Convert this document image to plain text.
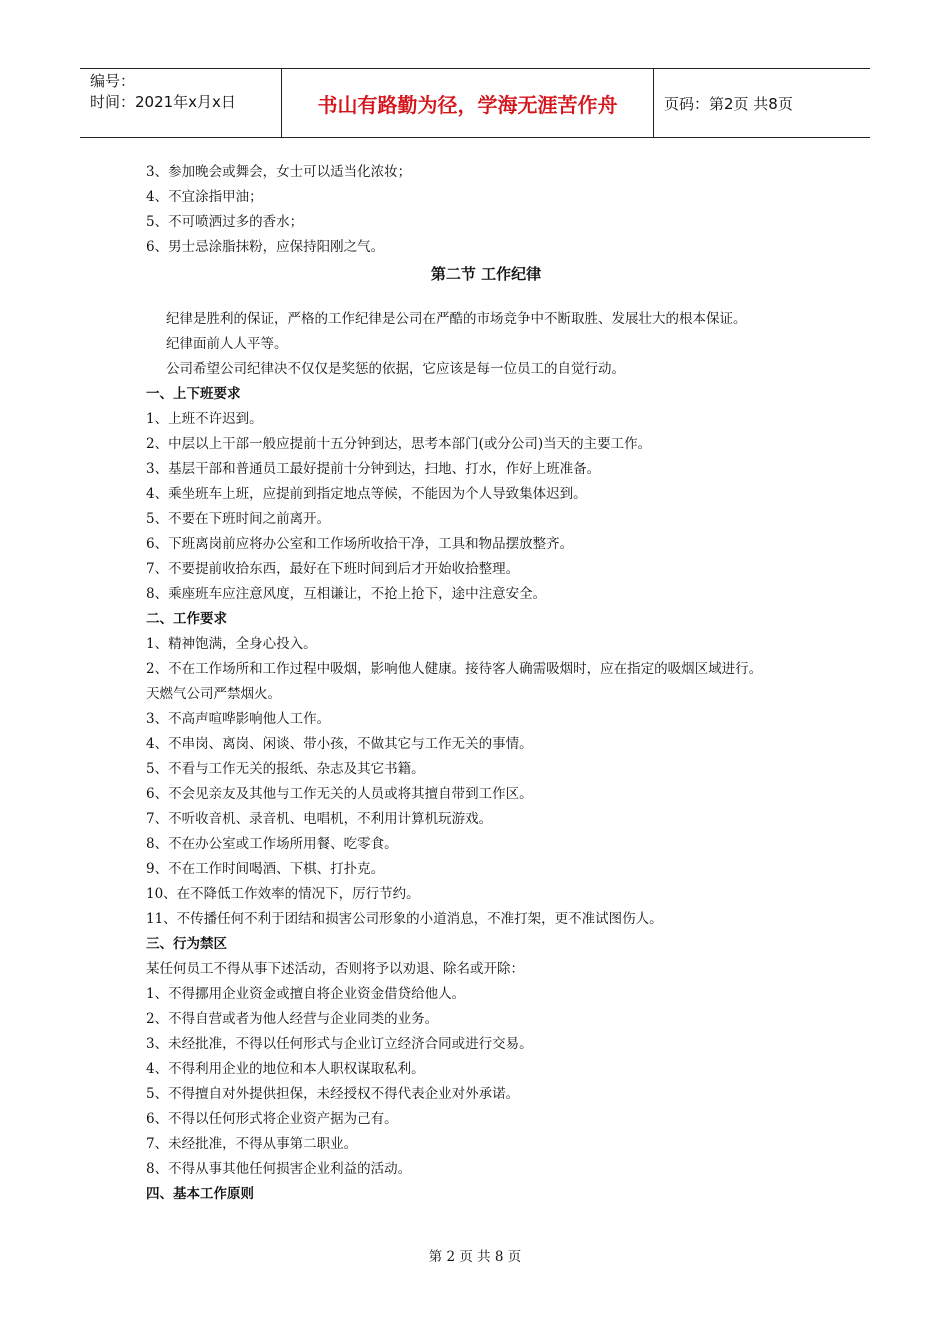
编号：
时间：2021年x月x日	书山有路勤为径，学海无涯苦作舟	页码：第2页 共8页
3、参加晚会或舞会，女士可以适当化浓妆；
4、不宜涂指甲油；
5、不可喷洒过多的香水；
6、男士忌涂脂抹粉，应保持阳刚之气。
第二节 工作纪律
纪律是胜利的保证，严格的工作纪律是公司在严酷的市场竞争中不断取胜、发展壮大的根本保证。
纪律面前人人平等。
公司希望公司纪律决不仅仅是奖惩的依据，它应该是每一位员工的自觉行动。
一、上下班要求
1、上班不许迟到。
2、中层以上干部一般应提前十五分钟到达，思考本部门(或分公司)当天的主要工作。
3、基层干部和普通员工最好提前十分钟到达，扫地、打水，作好上班准备。
4、乘坐班车上班，应提前到指定地点等候，不能因为个人导致集体迟到。
5、不要在下班时间之前离开。
6、下班离岗前应将办公室和工作场所收拾干净，工具和物品摆放整齐。
7、不要提前收拾东西，最好在下班时间到后才开始收拾整理。
8、乘座班车应注意风度，互相谦让，不抢上抢下，途中注意安全。
二、工作要求
1、精神饱满，全身心投入。
2、不在工作场所和工作过程中吸烟，影响他人健康。接待客人确需吸烟时，应在指定的吸烟区域进行。
天燃气公司严禁烟火。
3、不高声喧哗影响他人工作。
4、不串岗、离岗、闲谈、带小孩，不做其它与工作无关的事情。
5、不看与工作无关的报纸、杂志及其它书籍。
6、不会见亲友及其他与工作无关的人员或将其擅自带到工作区。
7、不听收音机、录音机、电唱机，不利用计算机玩游戏。
8、不在办公室或工作场所用餐、吃零食。
9、不在工作时间喝酒、下棋、打扑克。
10、在不降低工作效率的情况下，厉行节约。
11、不传播任何不利于团结和损害公司形象的小道消息，不准打架，更不准试图伤人。
三、行为禁区
某任何员工不得从事下述活动，否则将予以劝退、除名或开除：
1、不得挪用企业资金或擅自将企业资金借贷给他人。
2、不得自营或者为他人经营与企业同类的业务。
3、未经批准，不得以任何形式与企业订立经济合同或进行交易。
4、不得利用企业的地位和本人职权谋取私利。
5、不得擅自对外提供担保，未经授权不得代表企业对外承诺。
6、不得以任何形式将企业资产据为己有。
7、未经批准，不得从事第二职业。
8、不得从事其他任何损害企业利益的活动。
四、基本工作原则
第 2 页 共 8 页
